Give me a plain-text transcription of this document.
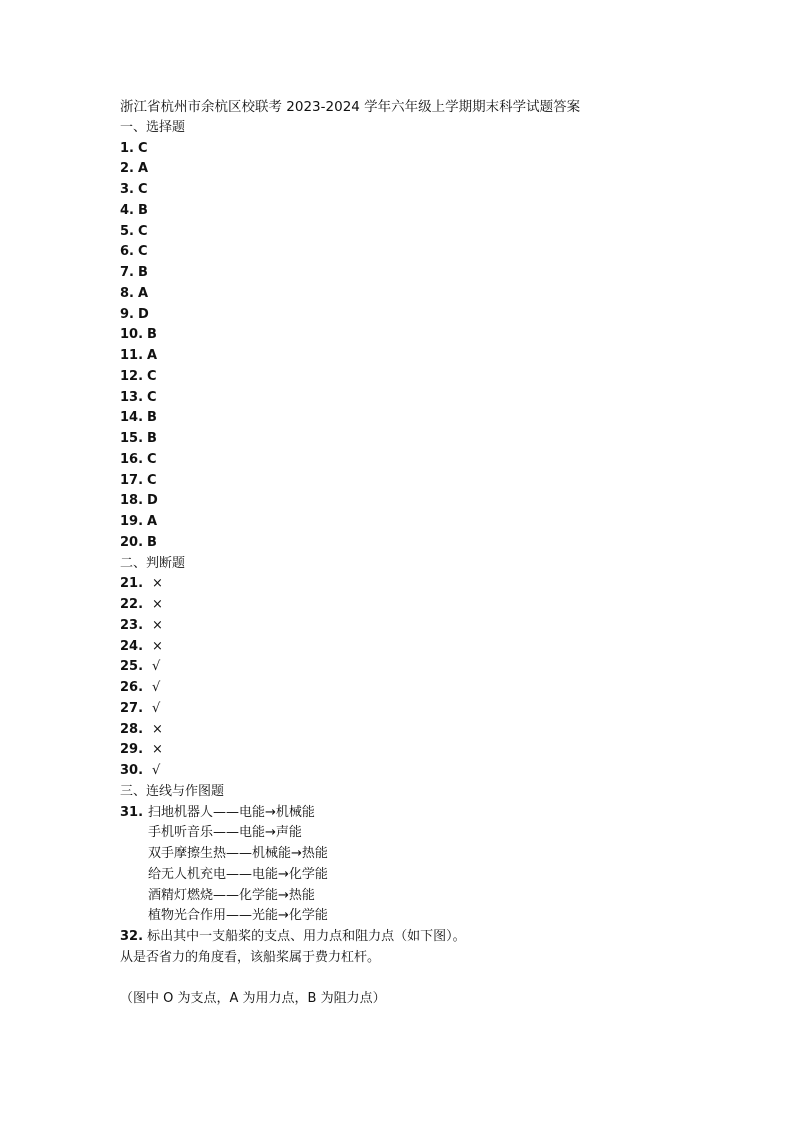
浙江省杭州市余杭区校联考 2023-2024 学年六年级上学期期末科学试题答案
一、选择题
1. C
2. A
3. C
4. B
5. C
6. C
7. B
8. A
9. D
10. B
11. A
12. C
13. C
14. B
15. B
16. C
17. C
18. D
19. A
20. B
二、判断题
21. ×
22. ×
23. ×
24. ×
25. √
26. √
27. √
28. ×
29. ×
30. √
三、连线与作图题
31. 扫地机器人——电能→机械能
手机听音乐——电能→声能
双手摩擦生热——机械能→热能
给无人机充电——电能→化学能
酒精灯燃烧——化学能→热能
植物光合作用——光能→化学能
32. 标出其中一支船桨的支点、用力点和阻力点（如下图）。
从是否省力的角度看，该船桨属于费力杠杆。
（图中 O 为支点，A 为用力点，B 为阻力点）
